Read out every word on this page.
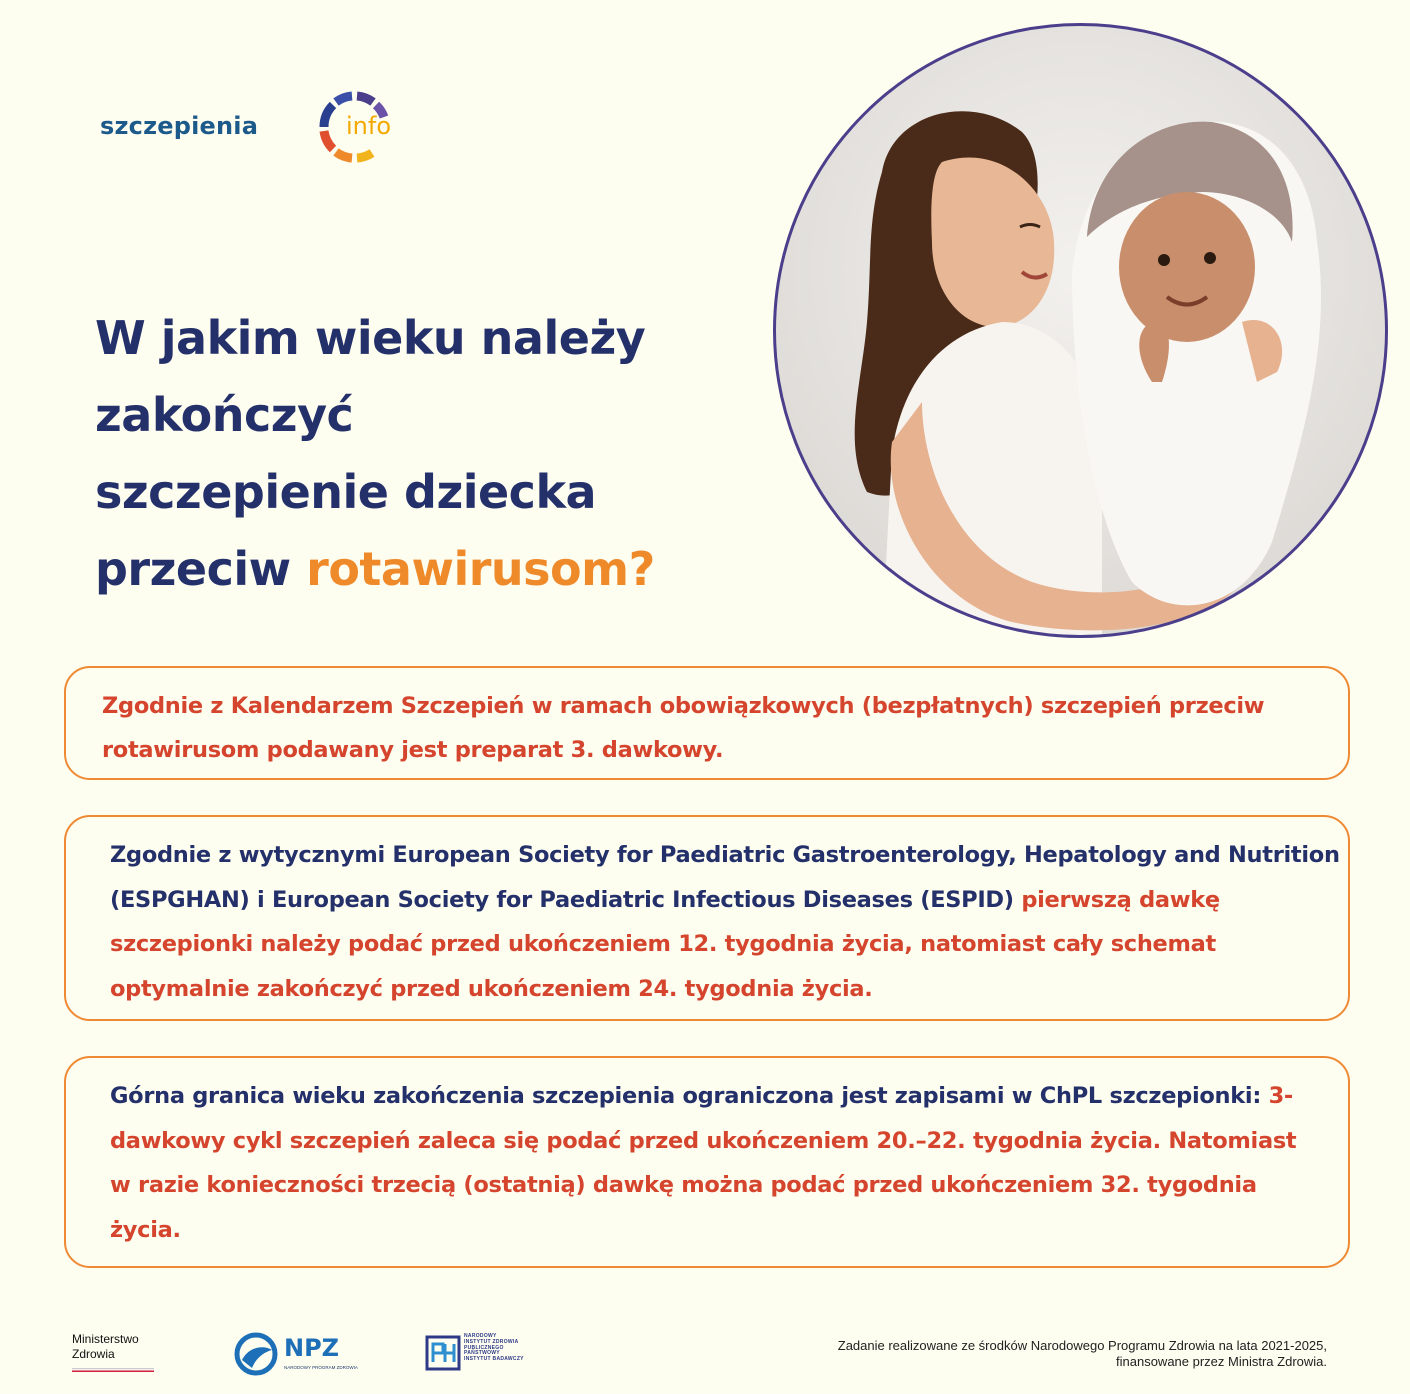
szczepienia	info
W jakim wieku należy
zakończyć
szczepienie dziecka
przeciw rotawirusom?

Zgodnie z Kalendarzem Szczepień w ramach obowiązkowych (bezpłatnych) szczepień przeciw rotawirusom podawany jest preparat 3. dawkowy.

Zgodnie z wytycznymi European Society for Paediatric Gastroenterology, Hepatology and Nutrition (ESPGHAN) i European Society for Paediatric Infectious Diseases (ESPID) pierwszą dawkę szczepionki należy podać przed ukończeniem 12. tygodnia życia, natomiast cały schemat optymalnie zakończyć przed ukończeniem 24. tygodnia życia.

Górna granica wieku zakończenia szczepienia ograniczona jest zapisami w ChPL szczepionki: 3-dawkowy cykl szczepień zaleca się podać przed ukończeniem 20.–22. tygodnia życia. Natomiast w razie konieczności trzecią (ostatnią) dawkę można podać przed ukończeniem 32. tygodnia życia.

Ministerstwo
Zdrowia	NPZ
NARODOWY PROGRAM ZDROWIA
NARODOWY INSTYTUT ZDROWIA PUBLICZNEGO PAŃSTWOWY INSTYTUT BADAWCZY
Zadanie realizowane ze środków Narodowego Programu Zdrowia na lata 2021-2025,
finansowane przez Ministra Zdrowia.
